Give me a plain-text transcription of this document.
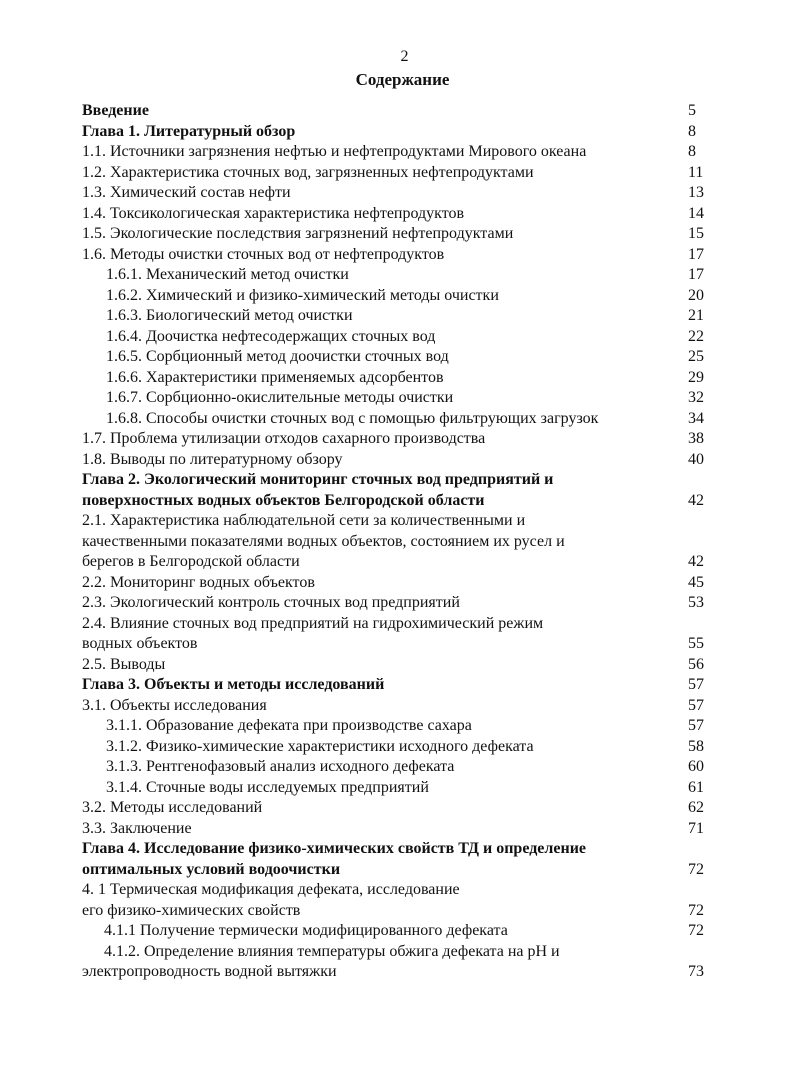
2
Содержание
Введение	5
Глава 1. Литературный обзор	8
1.1. Источники загрязнения нефтью и нефтепродуктами Мирового океана	8
1.2. Характеристика сточных вод, загрязненных нефтепродуктами	11
1.3. Химический состав нефти	13
1.4. Токсикологическая характеристика нефтепродуктов	14
1.5. Экологические последствия загрязнений нефтепродуктами	15
1.6. Методы очистки сточных вод от нефтепродуктов	17
1.6.1. Механический метод очистки	17
1.6.2. Химический и физико-химический методы очистки	20
1.6.3. Биологический метод очистки	21
1.6.4. Доочистка нефтесодержащих сточных вод	22
1.6.5. Сорбционный метод доочистки сточных вод	25
1.6.6. Характеристики применяемых адсорбентов	29
1.6.7. Сорбционно-окислительные методы очистки	32
1.6.8. Способы очистки сточных вод с помощью фильтрующих загрузок	34
1.7. Проблема утилизации отходов сахарного производства	38
1.8. Выводы по литературному обзору	40
Глава 2. Экологический мониторинг сточных вод предприятий и
поверхностных водных объектов Белгородской области	42
2.1. Характеристика наблюдательной сети за количественными и
качественными показателями водных объектов, состоянием их русел и
берегов в Белгородской области	42
2.2. Мониторинг водных объектов	45
2.3. Экологический контроль сточных вод предприятий	53
2.4. Влияние сточных вод предприятий на гидрохимический режим
водных объектов	55
2.5. Выводы	56
Глава 3. Объекты и методы исследований	57
3.1. Объекты исследования	57
3.1.1. Образование дефеката при производстве сахара	57
3.1.2. Физико-химические характеристики исходного дефеката	58
3.1.3. Рентгенофазовый анализ исходного дефеката	60
3.1.4. Сточные воды исследуемых предприятий	61
3.2. Методы исследований	62
3.3. Заключение	71
Глава 4. Исследование физико-химических свойств ТД и определение
оптимальных условий водоочистки	72
4. 1 Термическая модификация дефеката, исследование
его физико-химических свойств	72
4.1.1 Получение термически модифицированного дефеката	72
4.1.2. Определение влияния температуры обжига дефеката на pH и
электропроводность водной вытяжки	73
